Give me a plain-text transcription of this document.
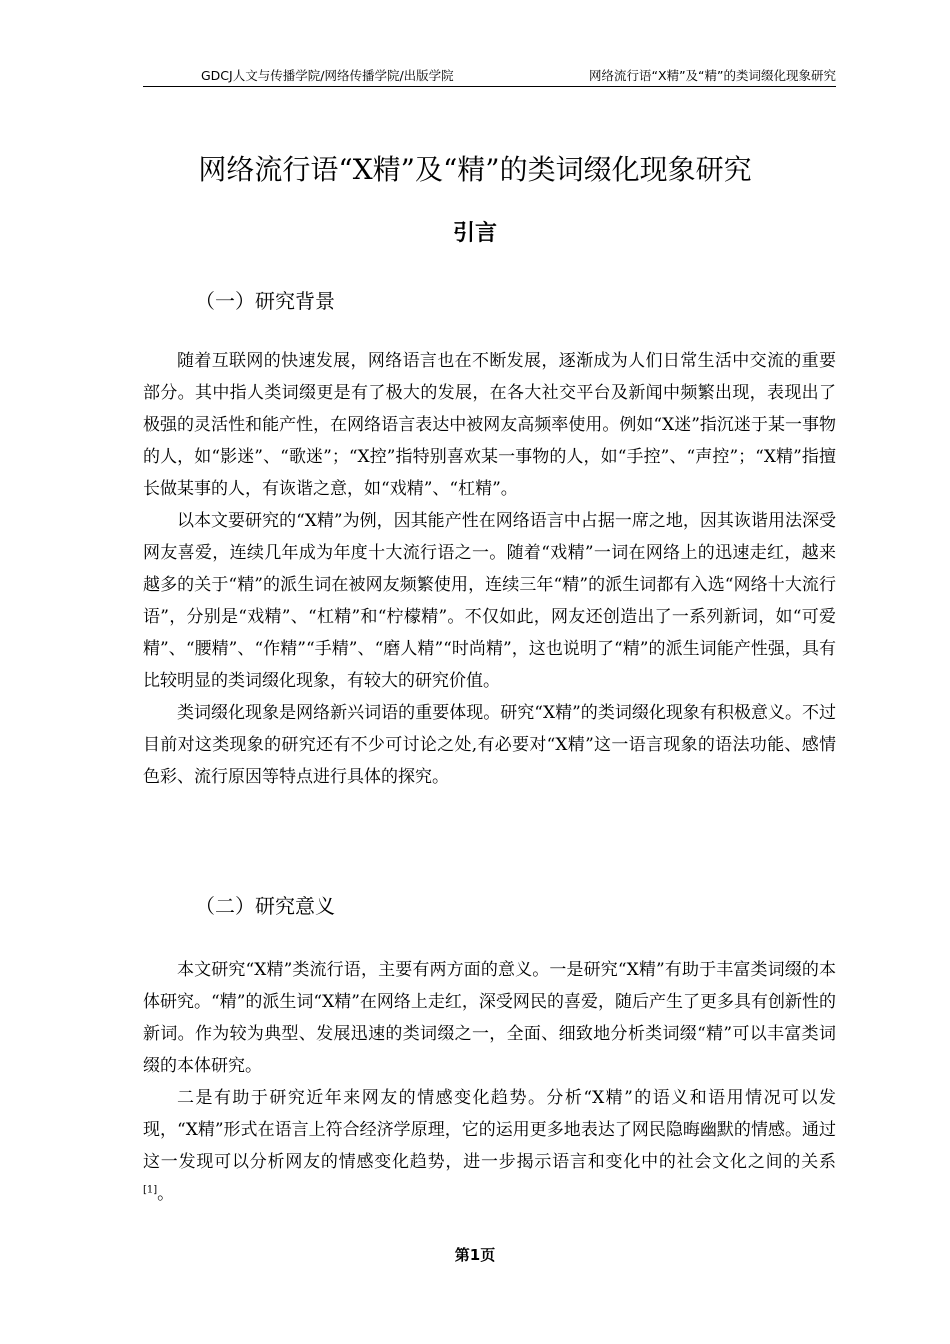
GDCJ人文与传播学院/网络传播学院/出版学院	网络流行语“X精”及“精”的类词缀化现象研究
网络流行语“X精”及“精”的类词缀化现象研究
引言
（一）研究背景

随着互联网的快速发展，网络语言也在不断发展，逐渐成为人们日常生活中交流的重要部分。其中指人类词缀更是有了极大的发展，在各大社交平台及新闻中频繁出现，表现出了极强的灵活性和能产性，在网络语言表达中被网友高频率使用。例如“X迷”指沉迷于某一事物的人，如“影迷”、“歌迷”；“X控”指特别喜欢某一事物的人，如“手控”、“声控”；“X精”指擅长做某事的人，有诙谐之意，如“戏精”、“杠精”。

以本文要研究的“X精”为例，因其能产性在网络语言中占据一席之地，因其诙谐用法深受网友喜爱，连续几年成为年度十大流行语之一。随着“戏精”一词在网络上的迅速走红，越来越多的关于“精”的派生词在被网友频繁使用，连续三年“精”的派生词都有入选“网络十大流行语”，分别是“戏精”、“杠精”和“柠檬精”。不仅如此，网友还创造出了一系列新词，如“可爱精”、“腰精”、“作精”“手精”、“磨人精”“时尚精”，这也说明了“精”的派生词能产性强，具有比较明显的类词缀化现象，有较大的研究价值。

类词缀化现象是网络新兴词语的重要体现。研究“X精”的类词缀化现象有积极意义。不过目前对这类现象的研究还有不少可讨论之处,有必要对“X精”这一语言现象的语法功能、感情色彩、流行原因等特点进行具体的探究。

（二）研究意义

本文研究“X精”类流行语，主要有两方面的意义。一是研究“X精”有助于丰富类词缀的本体研究。“精”的派生词“X精”在网络上走红，深受网民的喜爱，随后产生了更多具有创新性的新词。作为较为典型、发展迅速的类词缀之一，全面、细致地分析类词缀“精”可以丰富类词缀的本体研究。

二是有助于研究近年来网友的情感变化趋势。分析“X精”的语义和语用情况可以发现，“X精”形式在语言上符合经济学原理，它的运用更多地表达了网民隐晦幽默的情感。通过这一发现可以分析网友的情感变化趋势，进一步揭示语言和变化中的社会文化之间的关系[1]。

第1页
